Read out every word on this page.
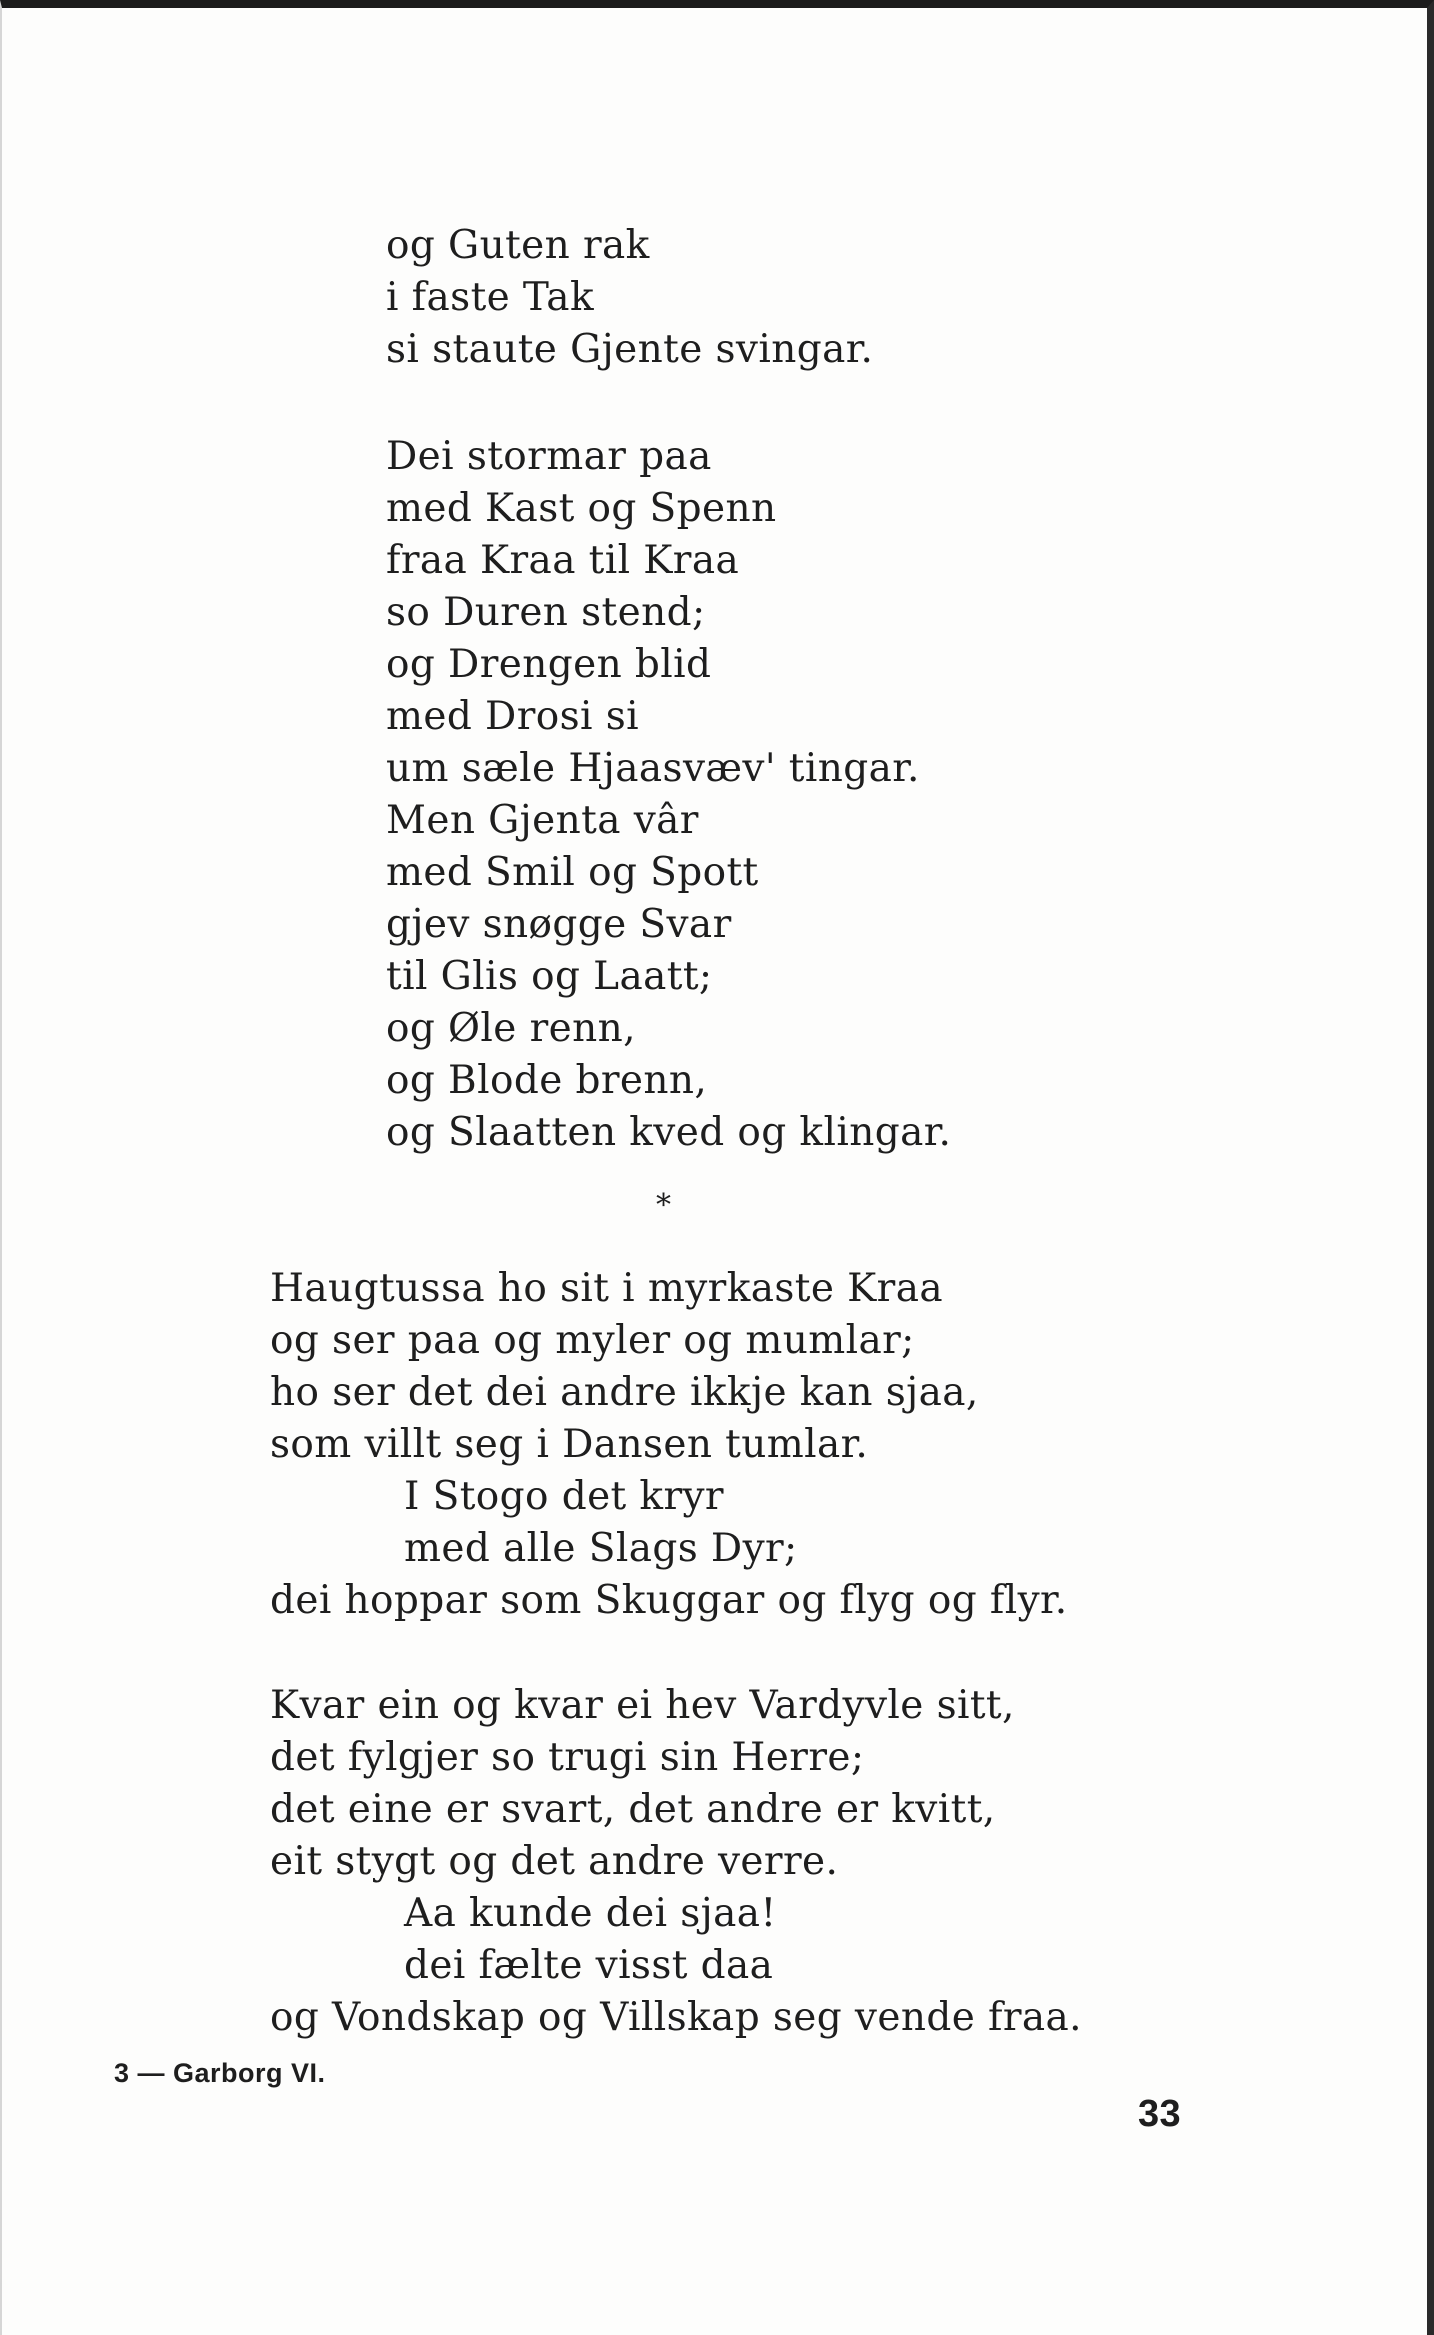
og Guten rak
i faste Tak
si staute Gjente svingar.
Dei stormar paa
med Kast og Spenn
fraa Kraa til Kraa
so Duren stend;
og Drengen blid
med Drosi si
um sæle Hjaasvæv' tingar.
Men Gjenta vâr
med Smil og Spott
gjev snøgge Svar
til Glis og Laatt;
og Øle renn,
og Blode brenn,
og Slaatten kved og klingar.
*
Haugtussa ho sit i myrkaste Kraa
og ser paa og myler og mumlar;
ho ser det dei andre ikkje kan sjaa,
som villt seg i Dansen tumlar.
I Stogo det kryr
med alle Slags Dyr;
dei hoppar som Skuggar og flyg og flyr.
Kvar ein og kvar ei hev Vardyvle sitt,
det fylgjer so trugi sin Herre;
det eine er svart, det andre er kvitt,
eit stygt og det andre verre.
Aa kunde dei sjaa!
dei fælte visst daa
og Vondskap og Villskap seg vende fraa.
3 — Garborg VI.
33
